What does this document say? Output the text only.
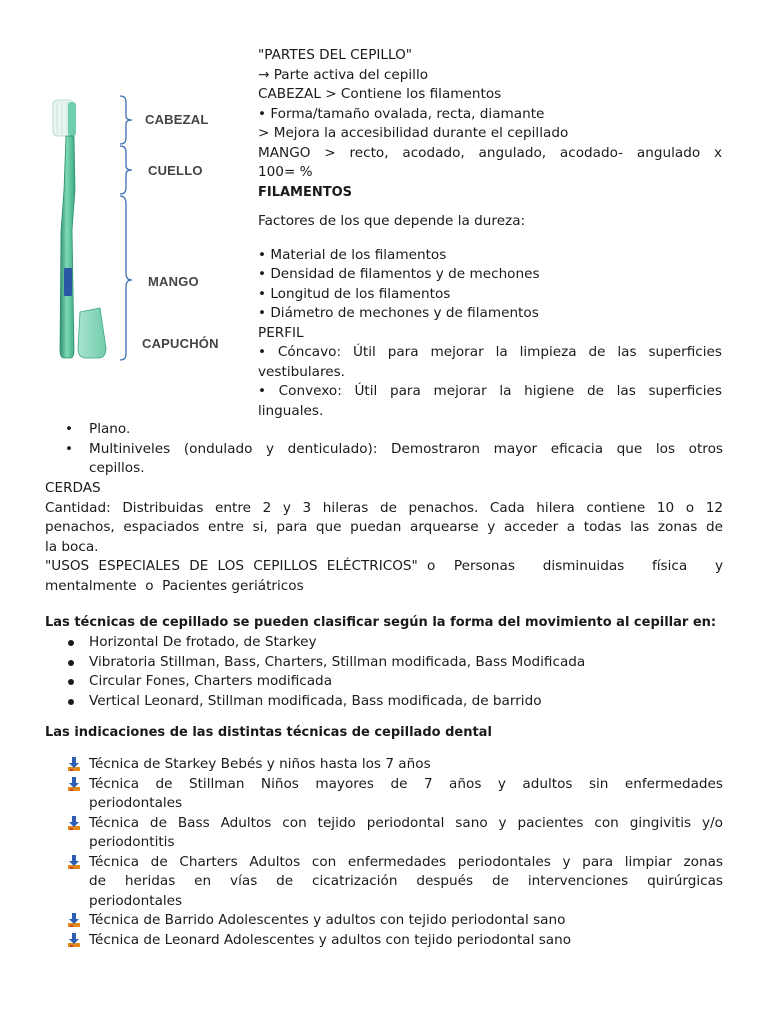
CABEZAL
CUELLO
MANGO
CAPUCHÓN

"PARTES DEL CEPILLO"

→ Parte activa del cepillo

CABEZAL > Contiene los filamentos

• Forma/tamaño ovalada, recta, diamante

> Mejora la accesibilidad durante el cepillado

MANGO > recto, acodado, angulado, acodado- angulado x

100= %

FILAMENTOS

Factores de los que depende la dureza:

• Material de los filamentos

• Densidad de filamentos y de mechones

• Longitud de los filamentos

• Diámetro de mechones y de filamentos

PERFIL

• Cóncavo: Útil para mejorar la limpieza de las superficies

vestibulares.

• Convexo: Útil para mejorar la higiene de las superficies

linguales.

• Plano.
• Multiniveles (ondulado y denticulado): Demostraron mayor eficacia que los otros
cepillos.
CERDAS
Cantidad: Distribuidas entre 2 y 3 hileras de penachos. Cada hilera contiene 10 o 12
penachos, espaciados entre si, para que puedan arquearse y acceder a todas las zonas de
la boca.
"USOS ESPECIALES DE LOS CEPILLOS ELÉCTRICOS" o  Personas   disminuidas   física   y
mentalmente  o  Pacientes geriátricos
Las técnicas de cepillado se pueden clasificar según la forma del movimiento al cepillar en:
Horizontal De frotado, de Starkey
Vibratoria Stillman, Bass, Charters, Stillman modificada, Bass Modificada
Circular Fones, Charters modificada
Vertical Leonard, Stillman modificada, Bass modificada, de barrido
Las indicaciones de las distintas técnicas de cepillado dental
Técnica de Starkey Bebés y niños hasta los 7 años
Técnica de Stillman Niños mayores de 7 años y adultos sin enfermedades
periodontales
Técnica de Bass Adultos con tejido periodontal sano y pacientes con gingivitis y/o
periodontitis
Técnica de Charters Adultos con enfermedades periodontales y para limpiar zonas
de heridas en vías de cicatrización después de intervenciones quirúrgicas
periodontales
Técnica de Barrido Adolescentes y adultos con tejido periodontal sano
Técnica de Leonard Adolescentes y adultos con tejido periodontal sano
